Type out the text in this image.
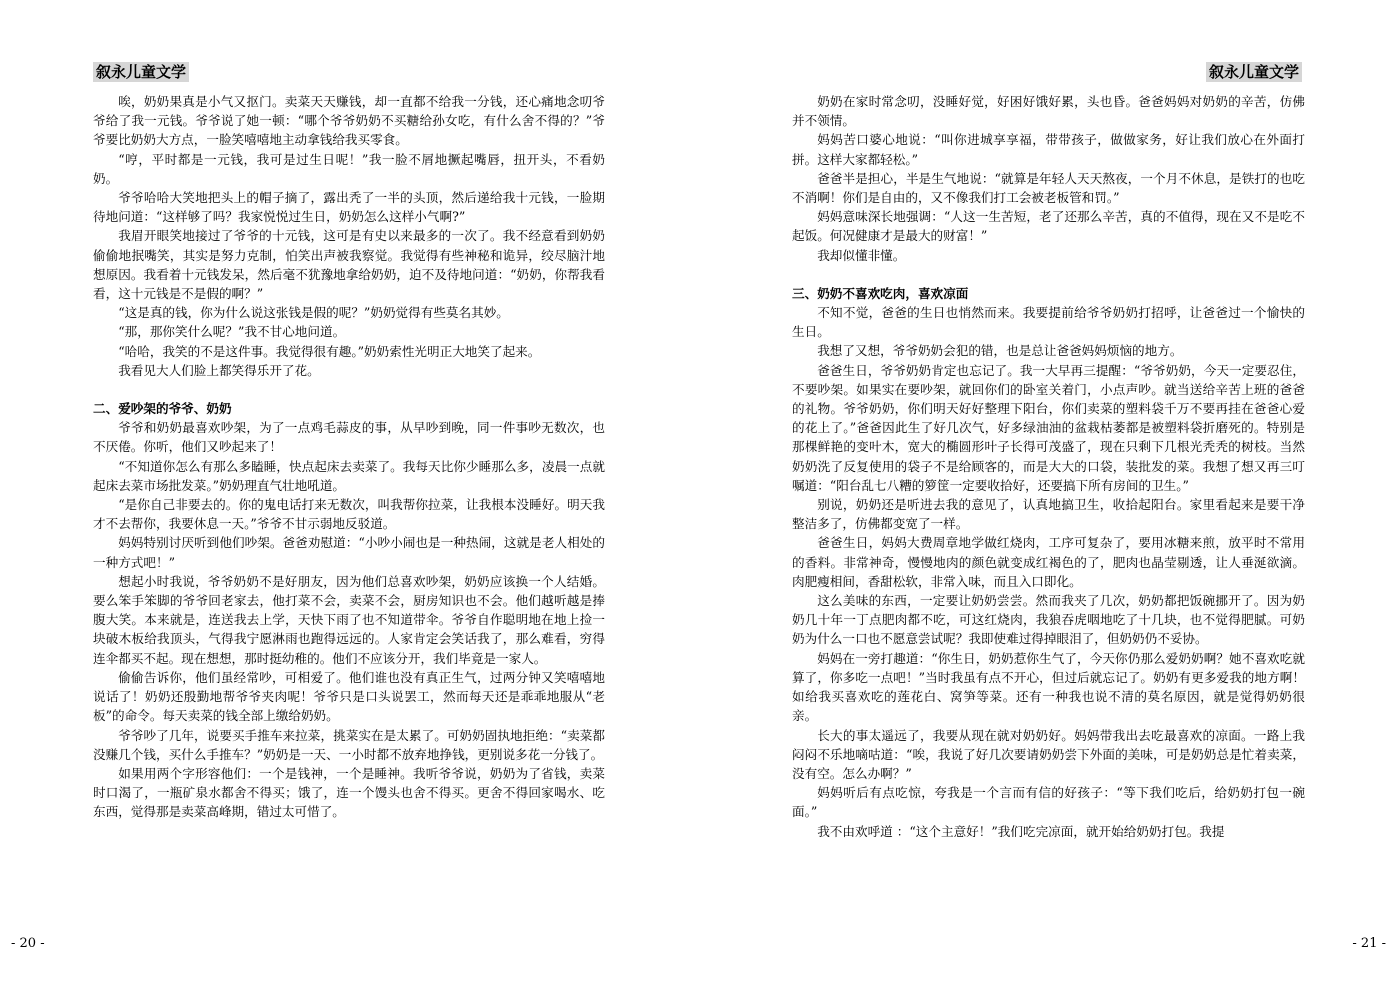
叙永儿童文学

唉，奶奶果真是小气又抠门。卖菜天天赚钱，却一直都不给我一分钱，还心痛地念叨爷爷给了我一元钱。爷爷说了她一顿：“哪个爷爷奶奶不买糖给孙女吃，有什么舍不得的？”爷爷要比奶奶大方点，一脸笑嘻嘻地主动拿钱给我买零食。

“哼，平时都是一元钱，我可是过生日呢！”我一脸不屑地撅起嘴唇，扭开头，不看奶奶。

爷爷哈哈大笑地把头上的帽子摘了，露出秃了一半的头顶，然后递给我十元钱，一脸期待地问道：“这样够了吗？我家悦悦过生日，奶奶怎么这样小气啊?”

我眉开眼笑地接过了爷爷的十元钱，这可是有史以来最多的一次了。我不经意看到奶奶偷偷地抿嘴笑，其实是努力克制，怕笑出声被我察觉。我觉得有些神秘和诡异，绞尽脑汁地想原因。我看着十元钱发呆，然后毫不犹豫地拿给奶奶，迫不及待地问道：“奶奶，你帮我看看，这十元钱是不是假的啊？”

“这是真的钱，你为什么说这张钱是假的呢？”奶奶觉得有些莫名其妙。

“那，那你笑什么呢？”我不甘心地问道。

“哈哈，我笑的不是这件事。我觉得很有趣。”奶奶索性光明正大地笑了起来。

我看见大人们脸上都笑得乐开了花。

二、爱吵架的爷爷、奶奶

爷爷和奶奶最喜欢吵架，为了一点鸡毛蒜皮的事，从早吵到晚，同一件事吵无数次，也不厌倦。你听，他们又吵起来了！

“不知道你怎么有那么多瞌睡，快点起床去卖菜了。我每天比你少睡那么多，凌晨一点就起床去菜市场批发菜。”奶奶理直气壮地吼道。

“是你自己非要去的。你的鬼电话打来无数次，叫我帮你拉菜，让我根本没睡好。明天我才不去帮你，我要休息一天。”爷爷不甘示弱地反驳道。

妈妈特别讨厌听到他们吵架。爸爸劝慰道：“小吵小闹也是一种热闹，这就是老人相处的一种方式吧！”

想起小时我说，爷爷奶奶不是好朋友，因为他们总喜欢吵架，奶奶应该换一个人结婚。要么笨手笨脚的爷爷回老家去，他打菜不会，卖菜不会，厨房知识也不会。他们越听越是捧腹大笑。本来就是，连送我去上学，天快下雨了也不知道带伞。爷爷自作聪明地在地上捡一块破木板给我顶头，气得我宁愿淋雨也跑得远远的。人家肯定会笑话我了，那么难看，穷得连伞都买不起。现在想想，那时挺幼稚的。他们不应该分开，我们毕竟是一家人。

偷偷告诉你，他们虽经常吵，可相爱了。他们谁也没有真正生气，过两分钟又笑嘻嘻地说话了！奶奶还殷勤地帮爷爷夹肉呢！爷爷只是口头说罢工，然而每天还是乖乖地服从“老板”的命令。每天卖菜的钱全部上缴给奶奶。

爷爷吵了几年，说要买手推车来拉菜，挑菜实在是太累了。可奶奶固执地拒绝：“卖菜都没赚几个钱，买什么手推车？”奶奶是一天、一小时都不放弃地挣钱，更别说多花一分钱了。

如果用两个字形容他们：一个是钱神，一个是睡神。我听爷爷说，奶奶为了省钱，卖菜时口渴了，一瓶矿泉水都舍不得买；饿了，连一个馒头也舍不得买。更舍不得回家喝水、吃东西，觉得那是卖菜高峰期，错过太可惜了。

- 20 -
叙永儿童文学

奶奶在家时常念叨，没睡好觉，好困好饿好累，头也昏。爸爸妈妈对奶奶的辛苦，仿佛并不领情。

妈妈苦口婆心地说：“叫你进城享享福，带带孩子，做做家务，好让我们放心在外面打拼。这样大家都轻松。”

爸爸半是担心，半是生气地说：“就算是年轻人天天熬夜，一个月不休息，是铁打的也吃不消啊！你们是自由的，又不像我们打工会被老板管和罚。”

妈妈意味深长地强调：“人这一生苦短，老了还那么辛苦，真的不值得，现在又不是吃不起饭。何况健康才是最大的财富！”

我却似懂非懂。

三、奶奶不喜欢吃肉，喜欢凉面

不知不觉，爸爸的生日也悄然而来。我要提前给爷爷奶奶打招呼，让爸爸过一个愉快的生日。

我想了又想，爷爷奶奶会犯的错，也是总让爸爸妈妈烦恼的地方。

爸爸生日，爷爷奶奶肯定也忘记了。我一大早再三提醒：“爷爷奶奶，今天一定要忍住，不要吵架。如果实在要吵架，就回你们的卧室关着门，小点声吵。就当送给辛苦上班的爸爸的礼物。爷爷奶奶，你们明天好好整理下阳台，你们卖菜的塑料袋千万不要再挂在爸爸心爱的花上了。”爸爸因此生了好几次气，好多绿油油的盆栽枯萎都是被塑料袋折磨死的。特别是那棵鲜艳的变叶木，宽大的椭圆形叶子长得可茂盛了，现在只剩下几根光秃秃的树枝。当然奶奶洗了反复使用的袋子不是给顾客的，而是大大的口袋，装批发的菜。我想了想又再三叮嘱道：“阳台乱七八糟的箩筐一定要收拾好，还要搞下所有房间的卫生。”

别说，奶奶还是听进去我的意见了，认真地搞卫生，收拾起阳台。家里看起来是要干净整洁多了，仿佛都变宽了一样。

爸爸生日，妈妈大费周章地学做红烧肉，工序可复杂了，要用冰糖来煎，放平时不常用的香料。非常神奇，慢慢地肉的颜色就变成红褐色的了，肥肉也晶莹剔透，让人垂涎欲滴。肉肥瘦相间，香甜松软，非常入味，而且入口即化。

这么美味的东西，一定要让奶奶尝尝。然而我夹了几次，奶奶都把饭碗挪开了。因为奶奶几十年一丁点肥肉都不吃，可这红烧肉，我狼吞虎咽地吃了十几块，也不觉得肥腻。可奶奶为什么一口也不愿意尝试呢？我即使难过得掉眼泪了，但奶奶仍不妥协。

妈妈在一旁打趣道：“你生日，奶奶惹你生气了，今天你仍那么爱奶奶啊？她不喜欢吃就算了，你多吃一点吧！”当时我虽有点不开心，但过后就忘记了。奶奶有更多爱我的地方啊！如给我买喜欢吃的莲花白、窝笋等菜。还有一种我也说不清的莫名原因，就是觉得奶奶很亲。

长大的事太遥远了，我要从现在就对奶奶好。妈妈带我出去吃最喜欢的凉面。一路上我闷闷不乐地嘀咕道：“唉，我说了好几次要请奶奶尝下外面的美味，可是奶奶总是忙着卖菜，没有空。怎么办啊？”

妈妈听后有点吃惊，夸我是一个言而有信的好孩子：“等下我们吃后，给奶奶打包一碗面。”

我不由欢呼道 ：“这个主意好！”我们吃完凉面，就开始给奶奶打包。我提

- 21 -
